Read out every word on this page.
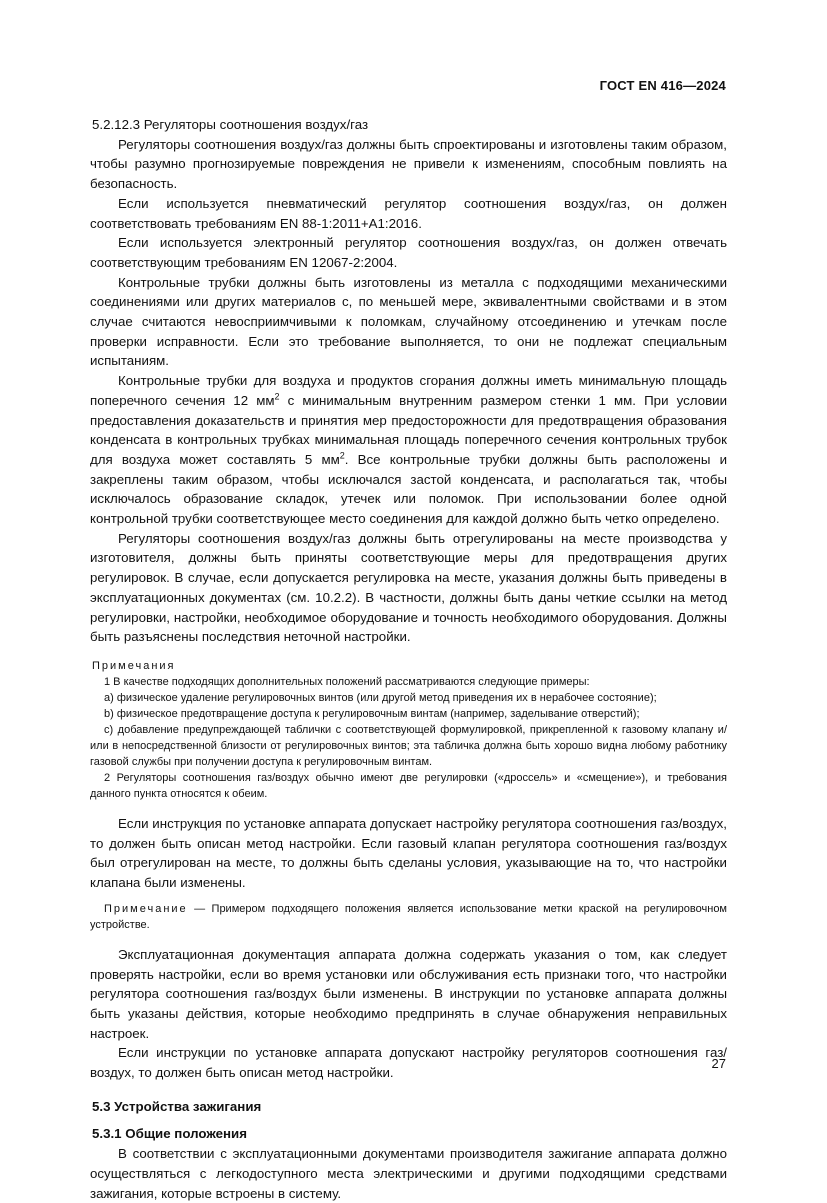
ГОСТ EN 416—2024

5.2.12.3 Регуляторы соотношения воздух/газ

Регуляторы соотношения воздух/газ должны быть спроектированы и изготовлены таким образом, чтобы разумно прогнозируемые повреждения не привели к изменениям, способным повлиять на безопасность.

Если используется пневматический регулятор соотношения воздух/газ, он должен соответствовать требованиям EN 88-1:2011+A1:2016.

Если используется электронный регулятор соотношения воздух/газ, он должен отвечать соответствующим требованиям EN 12067-2:2004.

Контрольные трубки должны быть изготовлены из металла с подходящими механическими соединениями или других материалов с, по меньшей мере, эквивалентными свойствами и в этом случае считаются невосприимчивыми к поломкам, случайному отсоединению и утечкам после проверки исправности. Если это требование выполняется, то они не подлежат специальным испытаниям.

Контрольные трубки для воздуха и продуктов сгорания должны иметь минимальную площадь поперечного сечения 12 $мм^2$ с минимальным внутренним размером стенки 1 мм. При условии предоставления доказательств и принятия мер предосторожности для предотвращения образования конденсата в контрольных трубках минимальная площадь поперечного сечения контрольных трубок для воздуха может составлять 5 $мм^2$. Все контрольные трубки должны быть расположены и закреплены таким образом, чтобы исключался застой конденсата, и располагаться так, чтобы исключалось образование складок, утечек или поломок. При использовании более одной контрольной трубки соответствующее место соединения для каждой должно быть четко определено.

Регуляторы соотношения воздух/газ должны быть отрегулированы на месте производства у изготовителя, должны быть приняты соответствующие меры для предотвращения других регулировок. В случае, если допускается регулировка на месте, указания должны быть приведены в эксплуатационных документах (см. 10.2.2). В частности, должны быть даны четкие ссылки на метод регулировки, настройки, необходимое оборудование и точность необходимого оборудования. Должны быть разъяснены последствия неточной настройки.

Примечания

1 В качестве подходящих дополнительных положений рассматриваются следующие примеры:

a) физическое удаление регулировочных винтов (или другой метод приведения их в нерабочее состояние);

b) физическое предотвращение доступа к регулировочным винтам (например, заделывание отверстий);

c) добавление предупреждающей таблички с соответствующей формулировкой, прикрепленной к газовому клапану и/или в непосредственной близости от регулировочных винтов; эта табличка должна быть хорошо видна любому работнику газовой службы при получении доступа к регулировочным винтам.

2 Регуляторы соотношения газ/воздух обычно имеют две регулировки («дроссель» и «смещение»), и требования данного пункта относятся к обеим.

Если инструкция по установке аппарата допускает настройку регулятора соотношения газ/воздух, то должен быть описан метод настройки. Если газовый клапан регулятора соотношения газ/воздух был отрегулирован на месте, то должны быть сделаны условия, указывающие на то, что настройки клапана были изменены.

Примечание — Примером подходящего положения является использование метки краской на регулировочном устройстве.

Эксплуатационная документация аппарата должна содержать указания о том, как следует проверять настройки, если во время установки или обслуживания есть признаки того, что настройки регулятора соотношения газ/воздух были изменены. В инструкции по установке аппарата должны быть указаны действия, которые необходимо предпринять в случае обнаружения неправильных настроек.

Если инструкции по установке аппарата допускают настройку регуляторов соотношения газ/воздух, то должен быть описан метод настройки.

5.3 Устройства зажигания

5.3.1 Общие положения

В соответствии с эксплуатационными документами производителя зажигание аппарата должно осуществляться с легкодоступного места электрическими и другими подходящими средствами зажигания, которые встроены в систему.

27
